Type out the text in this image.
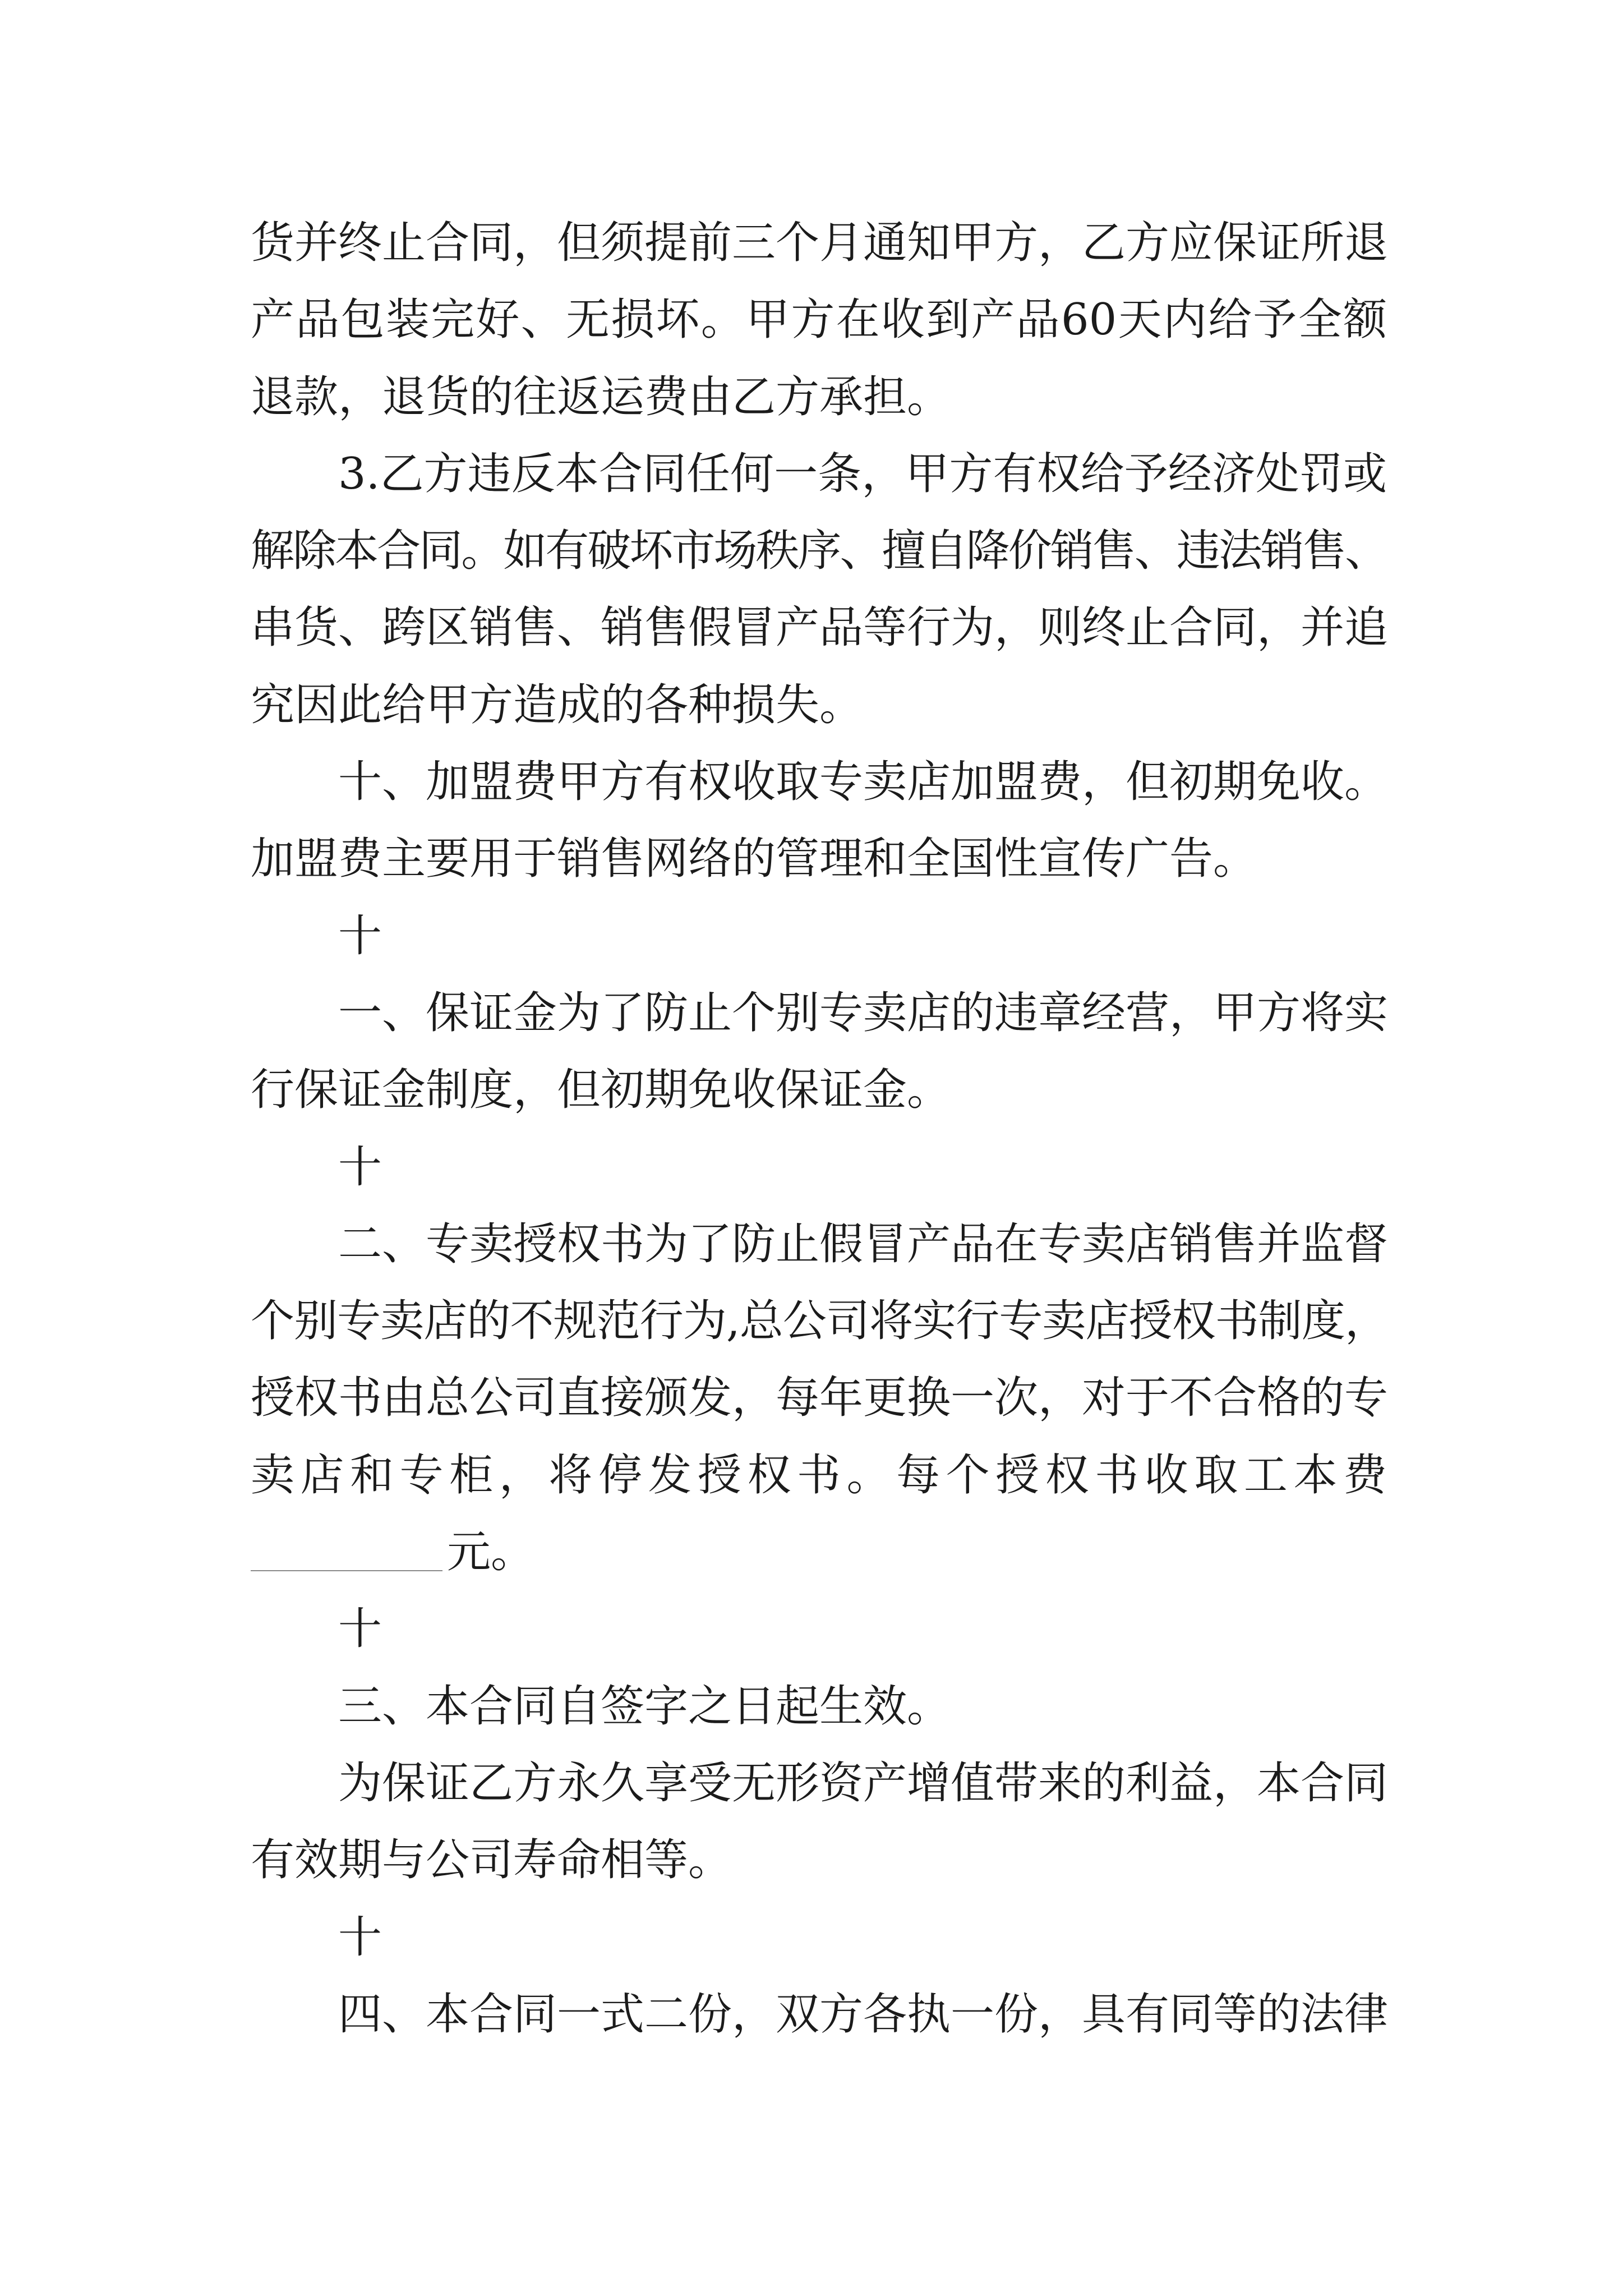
货并终止合同，但须提前三个月通知甲方，乙方应保证所退
产品包装完好、无损坏。甲方在收到产品60天内给予全额
退款，退货的往返运费由乙方承担。
3.乙方违反本合同任何一条，甲方有权给予经济处罚或
解除本合同。如有破坏市场秩序、擅自降价销售、违法销售、
串货、跨区销售、销售假冒产品等行为，则终止合同，并追
究因此给甲方造成的各种损失。
十、加盟费甲方有权收取专卖店加盟费，但初期免收。
加盟费主要用于销售网络的管理和全国性宣传广告。
十
一、保证金为了防止个别专卖店的违章经营，甲方将实
行保证金制度，但初期免收保证金。
十
二、专卖授权书为了防止假冒产品在专卖店销售并监督
个别专卖店的不规范行为,总公司将实行专卖店授权书制度，
授权书由总公司直接颁发，每年更换一次，对于不合格的专
卖店和专柜，将停发授权书。每个授权书收取工本费
元。
十
三、本合同自签字之日起生效。
为保证乙方永久享受无形资产增值带来的利益，本合同
有效期与公司寿命相等。
十
四、本合同一式二份，双方各执一份，具有同等的法律
